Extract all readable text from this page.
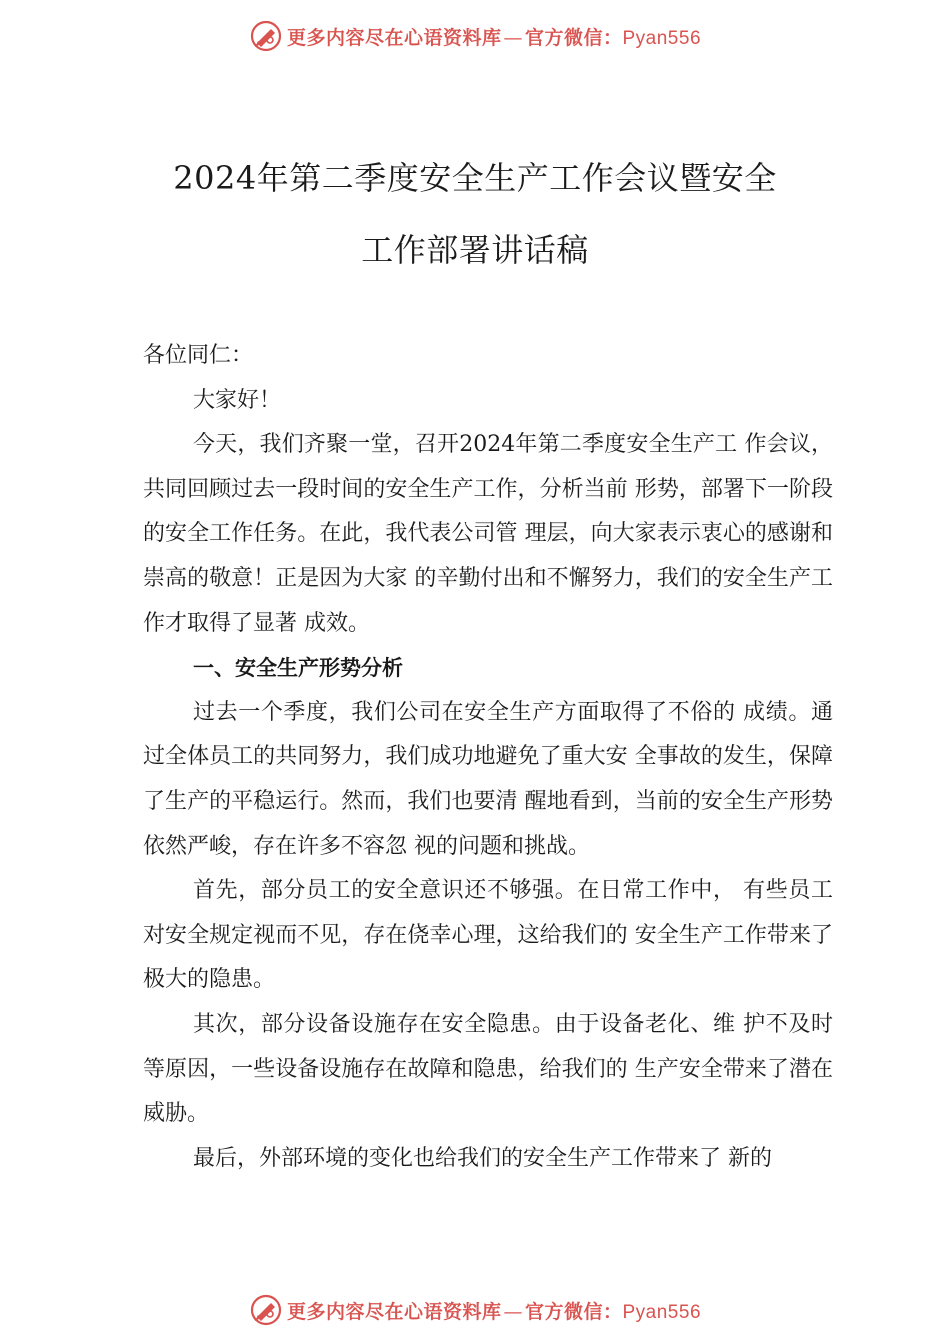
更多内容尽在心语资料库 — 官方微信：Pyan556
2024年第二季度安全生产工作会议暨安全
工作部署讲话稿

各位同仁：

大家好！

今天，我们齐聚一堂，召开2024年第二季度安全生产工 作会议，共同回顾过去一段时间的安全生产工作，分析当前 形势，部署下一阶段的安全工作任务。在此，我代表公司管 理层，向大家表示衷心的感谢和崇高的敬意！正是因为大家 的辛勤付出和不懈努力，我们的安全生产工作才取得了显著 成效。

一、安全生产形势分析

过去一个季度，我们公司在安全生产方面取得了不俗的 成绩。通过全体员工的共同努力，我们成功地避免了重大安 全事故的发生，保障了生产的平稳运行。然而，我们也要清 醒地看到，当前的安全生产形势依然严峻，存在许多不容忽 视的问题和挑战。

首先，部分员工的安全意识还不够强。在日常工作中， 有些员工对安全规定视而不见，存在侥幸心理，这给我们的 安全生产工作带来了极大的隐患。

其次，部分设备设施存在安全隐患。由于设备老化、维 护不及时等原因，一些设备设施存在故障和隐患，给我们的 生产安全带来了潜在威胁。

最后，外部环境的变化也给我们的安全生产工作带来了 新的

更多内容尽在心语资料库 — 官方微信：Pyan556
